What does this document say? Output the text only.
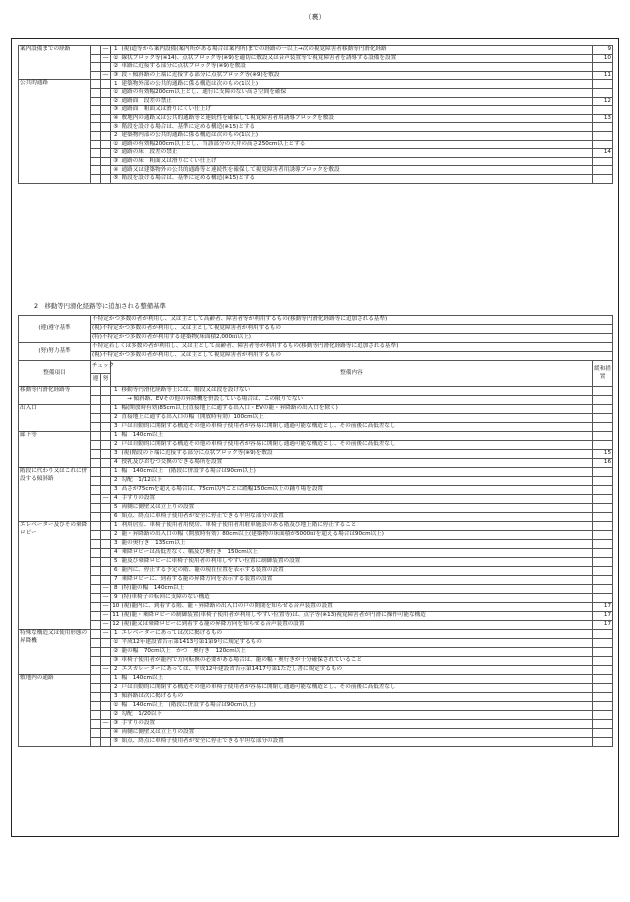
（裏）
案内設備までの経路		―	1	(視)道等から案内設備(案内所がある場合は案内所)までの経路の一以上→次の視覚障害者移動等円滑化経路	9
		―	①	線状ブロック等(※14)、点状ブロック等(※9)を適切に敷設又は音声装置等で視覚障害者を誘導する設備を設置	10
			②	車路に近接する部分に点状ブロック等(※9)を敷設	
		―	③	段・傾斜路の上端に近接する部分に点状ブロック等(※9)を敷設	11
公共的通路			1	建築物外部の公共的通路に係る構造は次のもの(1以上)	
			①	通路の有効幅200cm以上とし、通行に支障のない高さ空間を確保	
			②	通路面　段差の禁止	12
			③	通路面　粗面又は滑りにくい仕上げ	
			④	敷地内の通路又は公共的通路等と連続性を確保して視覚障害者用誘導ブロックを敷設	13
			⑤	階段を設ける場合は、基準に定める構造(※15)とする	
			2	建築物内部の公共的通路に係る構造は次のもの(1以上)	
			①	通路の有効幅200cm以上とし、当該部分の天井の高さ250cm以上とする	
			②	通路の床　段差の禁止	14
			③	通路の床　粗面又は滑りにくい仕上げ	
			④	通路又は建築物外の公共的通路等と連続性を確保して視覚障害者用誘導ブロックを敷設	
			⑤	階段を設ける場合は、基準に定める構造(※15)とする	
2　移動等円滑化経路等に追加される整備基準
(遵)遵守基準	不特定かつ多数の者が利用し、又は主として高齢者、障害者等が利用するもの(移動等円滑化経路等に追加される基準)				
	(視)不特定かつ多数の者が利用し、又は主として視覚障害者が利用するもの				
	(特)不特定かつ多数の者が利用する建築物(床面積2,000㎡以上)				
(努)努力基準	不特定若しくは多数の者が利用し、又は主として高齢者、障害者等が利用するもの(移動等円滑化経路等に追加される基準)				
	(視)不特定かつ多数の者が利用し、又は主として視覚障害者が利用するもの				
整備項目	チェック		整備内容		緩和措置
	遵	努			
移動等円滑化経路等			1	移動等円滑化経路等上には、階段又は段を設けない	
				　→ 傾斜路、EVその他の昇降機を併設している場合は、この限りでない	
出入口			1	幅(開放時有効)85cm以上(直接地上に通ずる出入口・EVの籠・昇降路の出入口を除く)	
			2	直接地上に通ずる出入口の幅（開放時有効）100cm以上	
			3	戸は自動的に開閉する構造その他の車椅子使用者が容易に開閉し通過可能な構造とし、その前後に高低差なし	
廊下等			1	幅　140cm以上	
			2	戸は自動的に開閉する構造その他の車椅子使用者が容易に開閉し通過可能な構造とし、その前後に高低差なし	
			3	(視)階段の下端に近接する部分に点状ブロック等(※9)を敷設	15
			4	授乳及びおむつ交換のできる場所を設置	16
階段に代わり又はこれに併設する傾斜路			1	幅　140cm以上　(階段に併設する場合は90cm以上)	
			2	勾配　1/12以下	
			3	高さが75cmを超える場合は、75cm以内ごとに踏幅150cm以上の踊り場を設置	
		―	4	手すりの設置	
			5	両側に側壁又は立上りの設置	
			6	始点、終点に車椅子使用者が安全に停止できる平坦な部分の設置	
エレベーター及びその乗降ロビー			1	利用居室、車椅子使用者用便房、車椅子使用者用駐車施設のある階及び地上階に停止すること	
			2	籠・昇降路の出入口の幅（開放時有効）80cm以上(建築物の床面積が5000㎡を超える場合は90cm以上)	
			3	籠の奥行き　135cm以上	
			4	乗降ロビーは高低差なく、幅及び奥行き　150cm以上	
			5	籠及び乗降ロビーに車椅子使用者の利用しやすい位置に制御装置の設置	
			6	籠内に、停止する予定の階、籠の現在位置を表示する装置の設置	
			7	乗降ロビーに、到着する籠の昇降方向を表示する装置の設置	
		―	8	(特)籠の幅　140cm以上	
		―	9	(特)車椅子の転回に支障のない構造	
		―	10	(視)籠内に、到着する階、籠・昇降路の出入口の戸の開閉を知らせる音声装置の設置	17
		―	11	(視)籠・乗降ロビーの制御装置(車椅子使用者が利用しやすい位置等)は、点字等(※13)視覚障害者が円滑に操作可能な構造	17
		―	12	(視)籠又は乗降ロビーに到着する籠の昇降方向を知らせる音声装置の設置	17
特殊な構造又は使用形態の昇降機		―	1	エレベーターにあっては次に掲げるもの	
			①	平成12年建設省告示第1413号第1第9号に規定するもの	
			②	籠の幅　70cm以上　かつ　奥行き　120cm以上	
			③	車椅子使用者が籠内で方向転換の必要がある場合は、籠の幅・奥行きが十分確保されていること	
		―	2	エスカレーターにあっては、平成12年建設省告示第1417号第1ただし書に規定するもの	
敷地内の通路			1	幅　140cm以上	
			2	戸は自動的に開閉する構造その他の車椅子使用者が容易に開閉し通過可能な構造とし、その前後に高低差なし	
			3	傾斜路は次に掲げるもの	
			①	幅　140cm以上　(階段に併設する場合は90cm以上)	
			②	勾配　1/20以下	
		―	③	手すりの設置	
			④	両側に側壁又は立上りの設置	
			⑤	始点、終点に車椅子使用者が安全に停止できる平坦な部分の設置	
